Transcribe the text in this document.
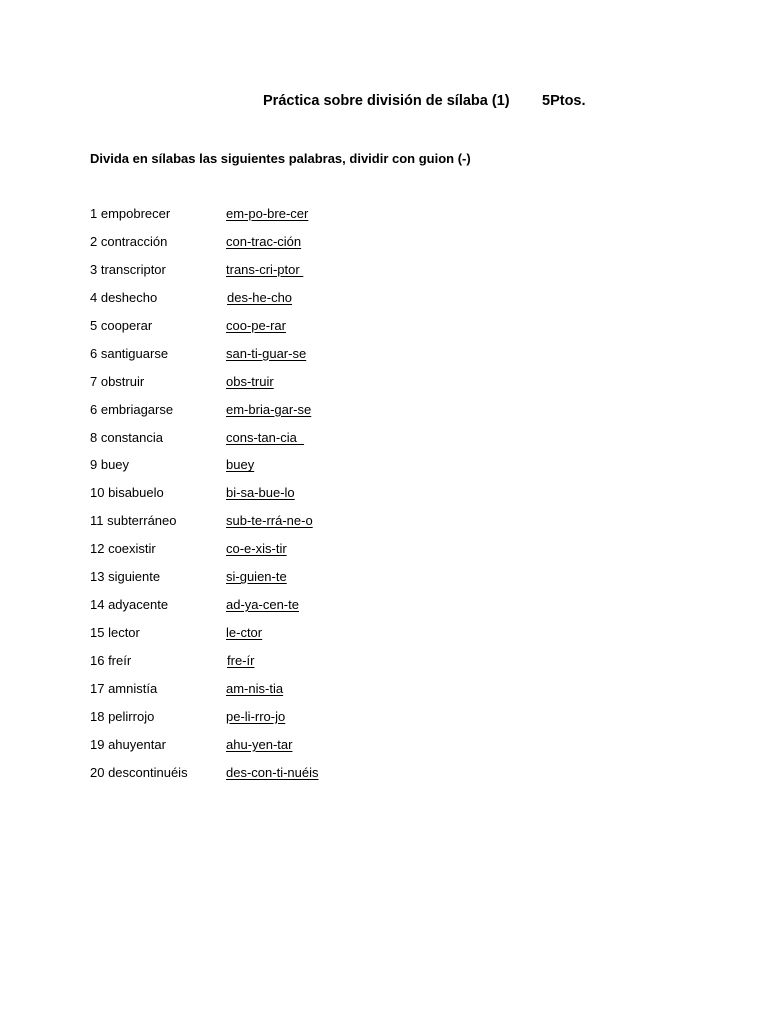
Práctica sobre división de sílaba (1) 5Ptos.
Divida en sílabas las siguientes palabras, dividir con guion (-)
1 empobrecer	em-po-bre-cer
2 contracción	con-trac-ción
3 transcriptor	trans-cri-ptor
4 deshecho	des-he-cho
5 cooperar	coo-pe-rar
6 santiguarse	san-ti-guar-se
7 obstruir	obs-truir
6 embriagarse	em-bria-gar-se
8 constancia	cons-tan-cia
9 buey	buey
10 bisabuelo	bi-sa-bue-lo
11 subterráneo	sub-te-rrá-ne-o
12 coexistir	co-e-xis-tir
13 siguiente	si-guien-te
14 adyacente	ad-ya-cen-te
15 lector	le-ctor
16 freír	fre-ír
17 amnistía	am-nis-tia
18 pelirrojo	pe-li-rro-jo
19 ahuyentar	ahu-yen-tar
20 descontinuéis	des-con-ti-nuéis
